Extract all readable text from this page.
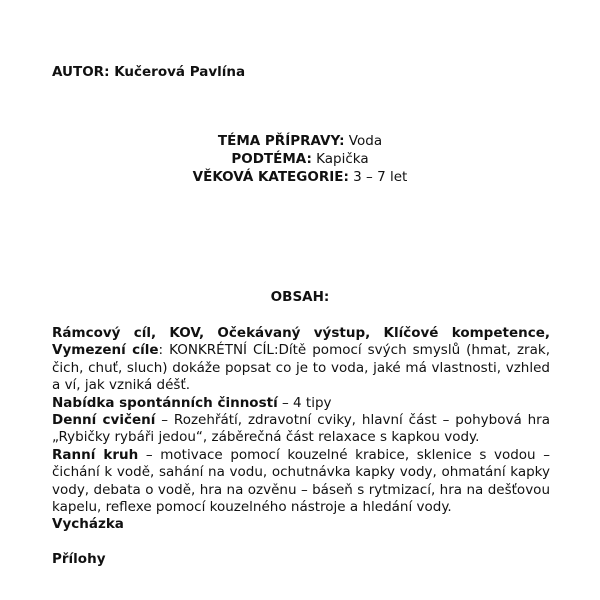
AUTOR: Kučerová Pavlína
TÉMA PŘÍPRAVY: Voda
PODTÉMA: Kapička
VĚKOVÁ KATEGORIE: 3 – 7 let
OBSAH:

Rámcový cíl, KOV, Očekávaný výstup, Klíčové kompetence, Vymezení cíle: KONKRÉTNÍ CÍL:Dítě pomocí svých smyslů (hmat, zrak, čich, chuť, sluch) dokáže popsat co je to voda, jaké má vlastnosti, vzhled a ví, jak vzniká déšť.

Nabídka spontánních činností – 4 tipy

Denní cvičení – Rozehřátí, zdravotní cviky, hlavní část – pohybová hra „Rybičky rybáři jedou“, záběrečná část relaxace s kapkou vody.

Ranní kruh – motivace pomocí kouzelné krabice, sklenice s vodou – čichání k vodě, sahání na vodu, ochutnávka kapky vody, ohmatání kapky vody, debata o vodě, hra na ozvěnu – báseň s rytmizací, hra na dešťovou kapelu, reflexe pomocí kouzelného nástroje a hledání vody.

Vycházka

Přílohy
